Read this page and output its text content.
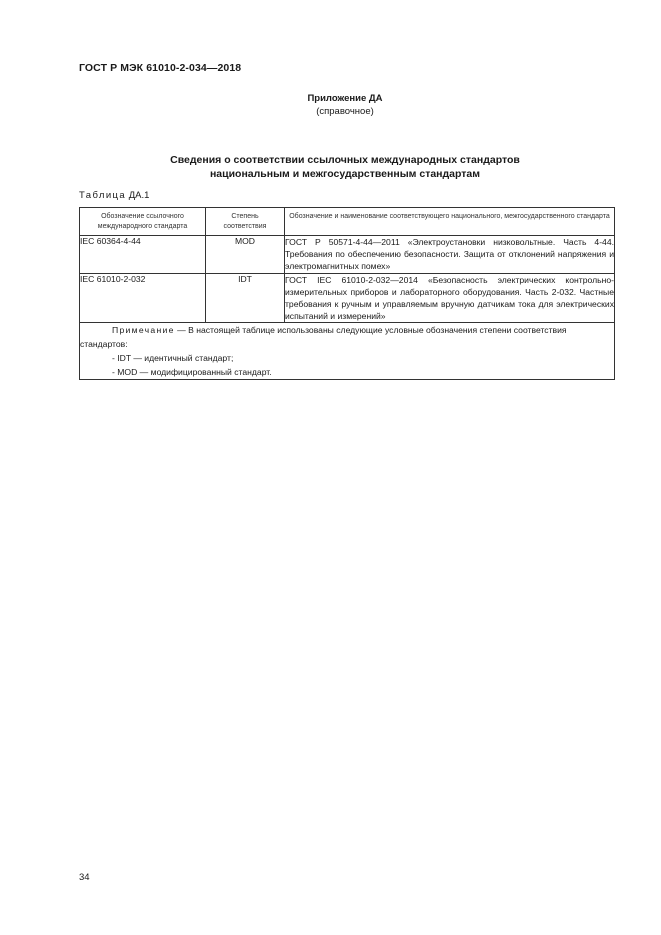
ГОСТ Р МЭК 61010-2-034—2018
Приложение ДА
(справочное)
Сведения о соответствии ссылочных международных стандартов
национальным и межгосударственным стандартам
Таблица ДА.1
Обозначение ссылочного международного стандарта	Степень соответствия	Обозначение и наименование соответствующего национального, межгосударственного стандарта
IEC 60364-4-44	MOD	ГОСТ Р 50571-4-44—2011 «Электроустановки низковольтные. Часть 4-44. Требования по обеспечению безопасности. Защита от отклонений напряжения и электромагнитных помех»
IEC 61010-2-032	IDT	ГОСТ IEC 61010-2-032—2014 «Безопасность электрических контрольно-измерительных приборов и лабораторного оборудования. Часть 2-032. Частные требования к ручным и управляемым вручную датчикам тока для электрических испытаний и измерений»

Примечание — В настоящей таблице использованы следующие условные обозначения степени соответствия стандартов:
- IDT — идентичный стандарт;
- MOD — модифицированный стандарт.		
34
